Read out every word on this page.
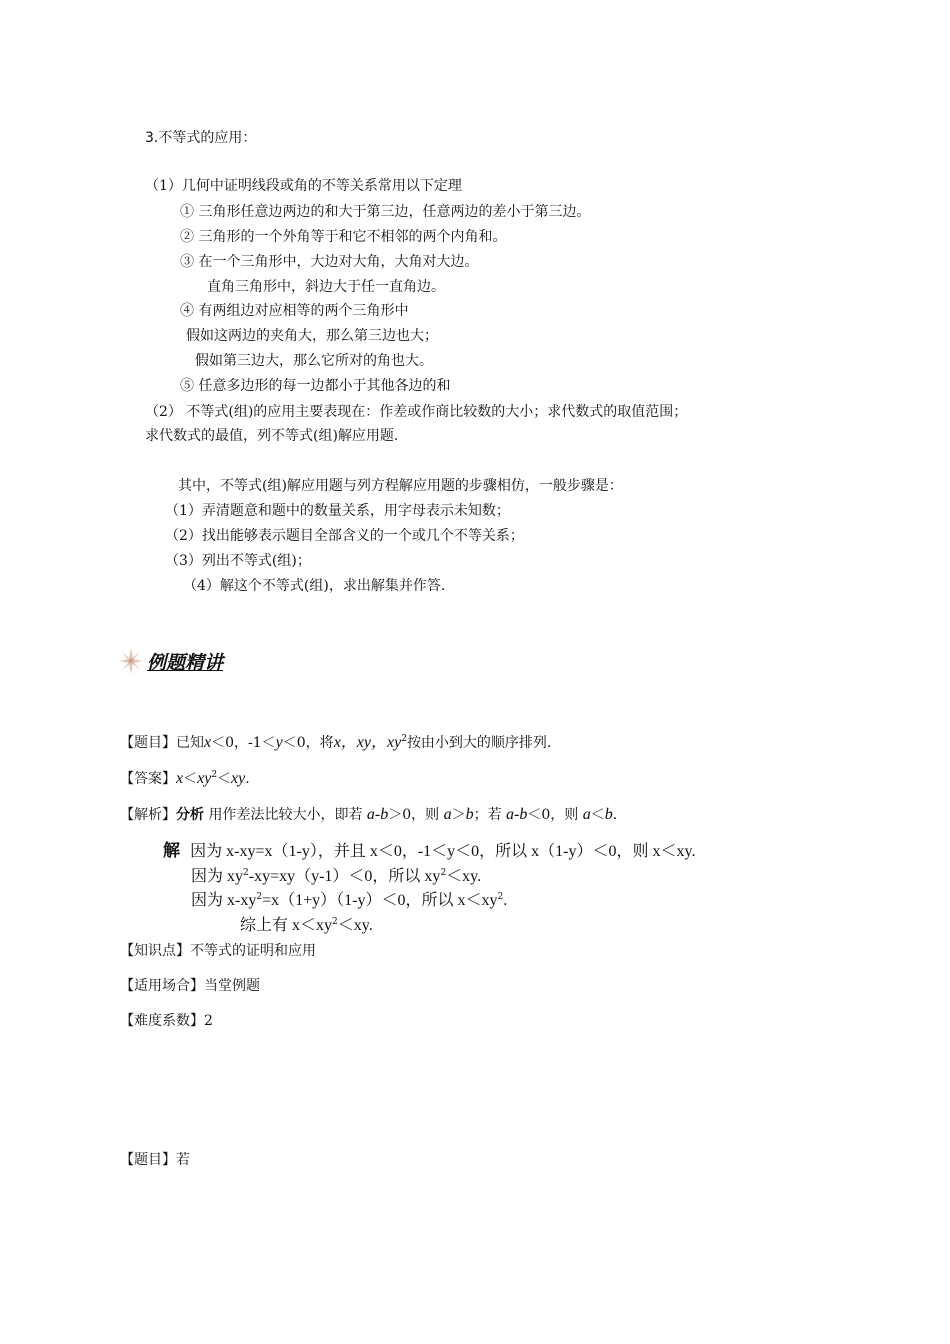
3.不等式的应用：
（1）几何中证明线段或角的不等关系常用以下定理
① 三角形任意边两边的和大于第三边，任意两边的差小于第三边。
② 三角形的一个外角等于和它不相邻的两个内角和。
③ 在一个三角形中，大边对大角，大角对大边。
直角三角形中，斜边大于任一直角边。
④ 有两组边对应相等的两个三角形中
假如这两边的夹角大，那么第三边也大；
假如第三边大，那么它所对的角也大。
⑤ 任意多边形的每一边都小于其他各边的和
（2） 不等式(组)的应用主要表现在：作差或作商比较数的大小；求代数式的取值范围；
求代数式的最值，列不等式(组)解应用题.
其中，不等式(组)解应用题与列方程解应用题的步骤相仿，一般步骤是：
（1）弄清题意和题中的数量关系，用字母表示未知数；
（2）找出能够表示题目全部含义的一个或几个不等关系；
（3）列出不等式(组)；
（4）解这个不等式(组)，求出解集并作答.
例题精讲
【题目】已知x＜0，-1＜y＜0，将x，xy，$xy^2$按由小到大的顺序排列.
【答案】$x<xy^2<xy$.
【解析】分析 用作差法比较大小，即若 a-b＞0，则 a＞b；若 a-b＜0，则 a＜b.
解 因为 x-xy=x（1-y），并且 x＜0，-1＜y＜0，所以 x（1-y）＜0，则 x＜xy.
因为 $xy^2-xy=xy(y-1)<0$，所以 $xy^2<xy$.
因为 $x-xy^2=x(1+y)(1-y)<0$，所以 $x<xy^2$.
综上有 $x<xy^2<xy$.
【知识点】不等式的证明和应用
【适用场合】当堂例题
【难度系数】2
【题目】若
